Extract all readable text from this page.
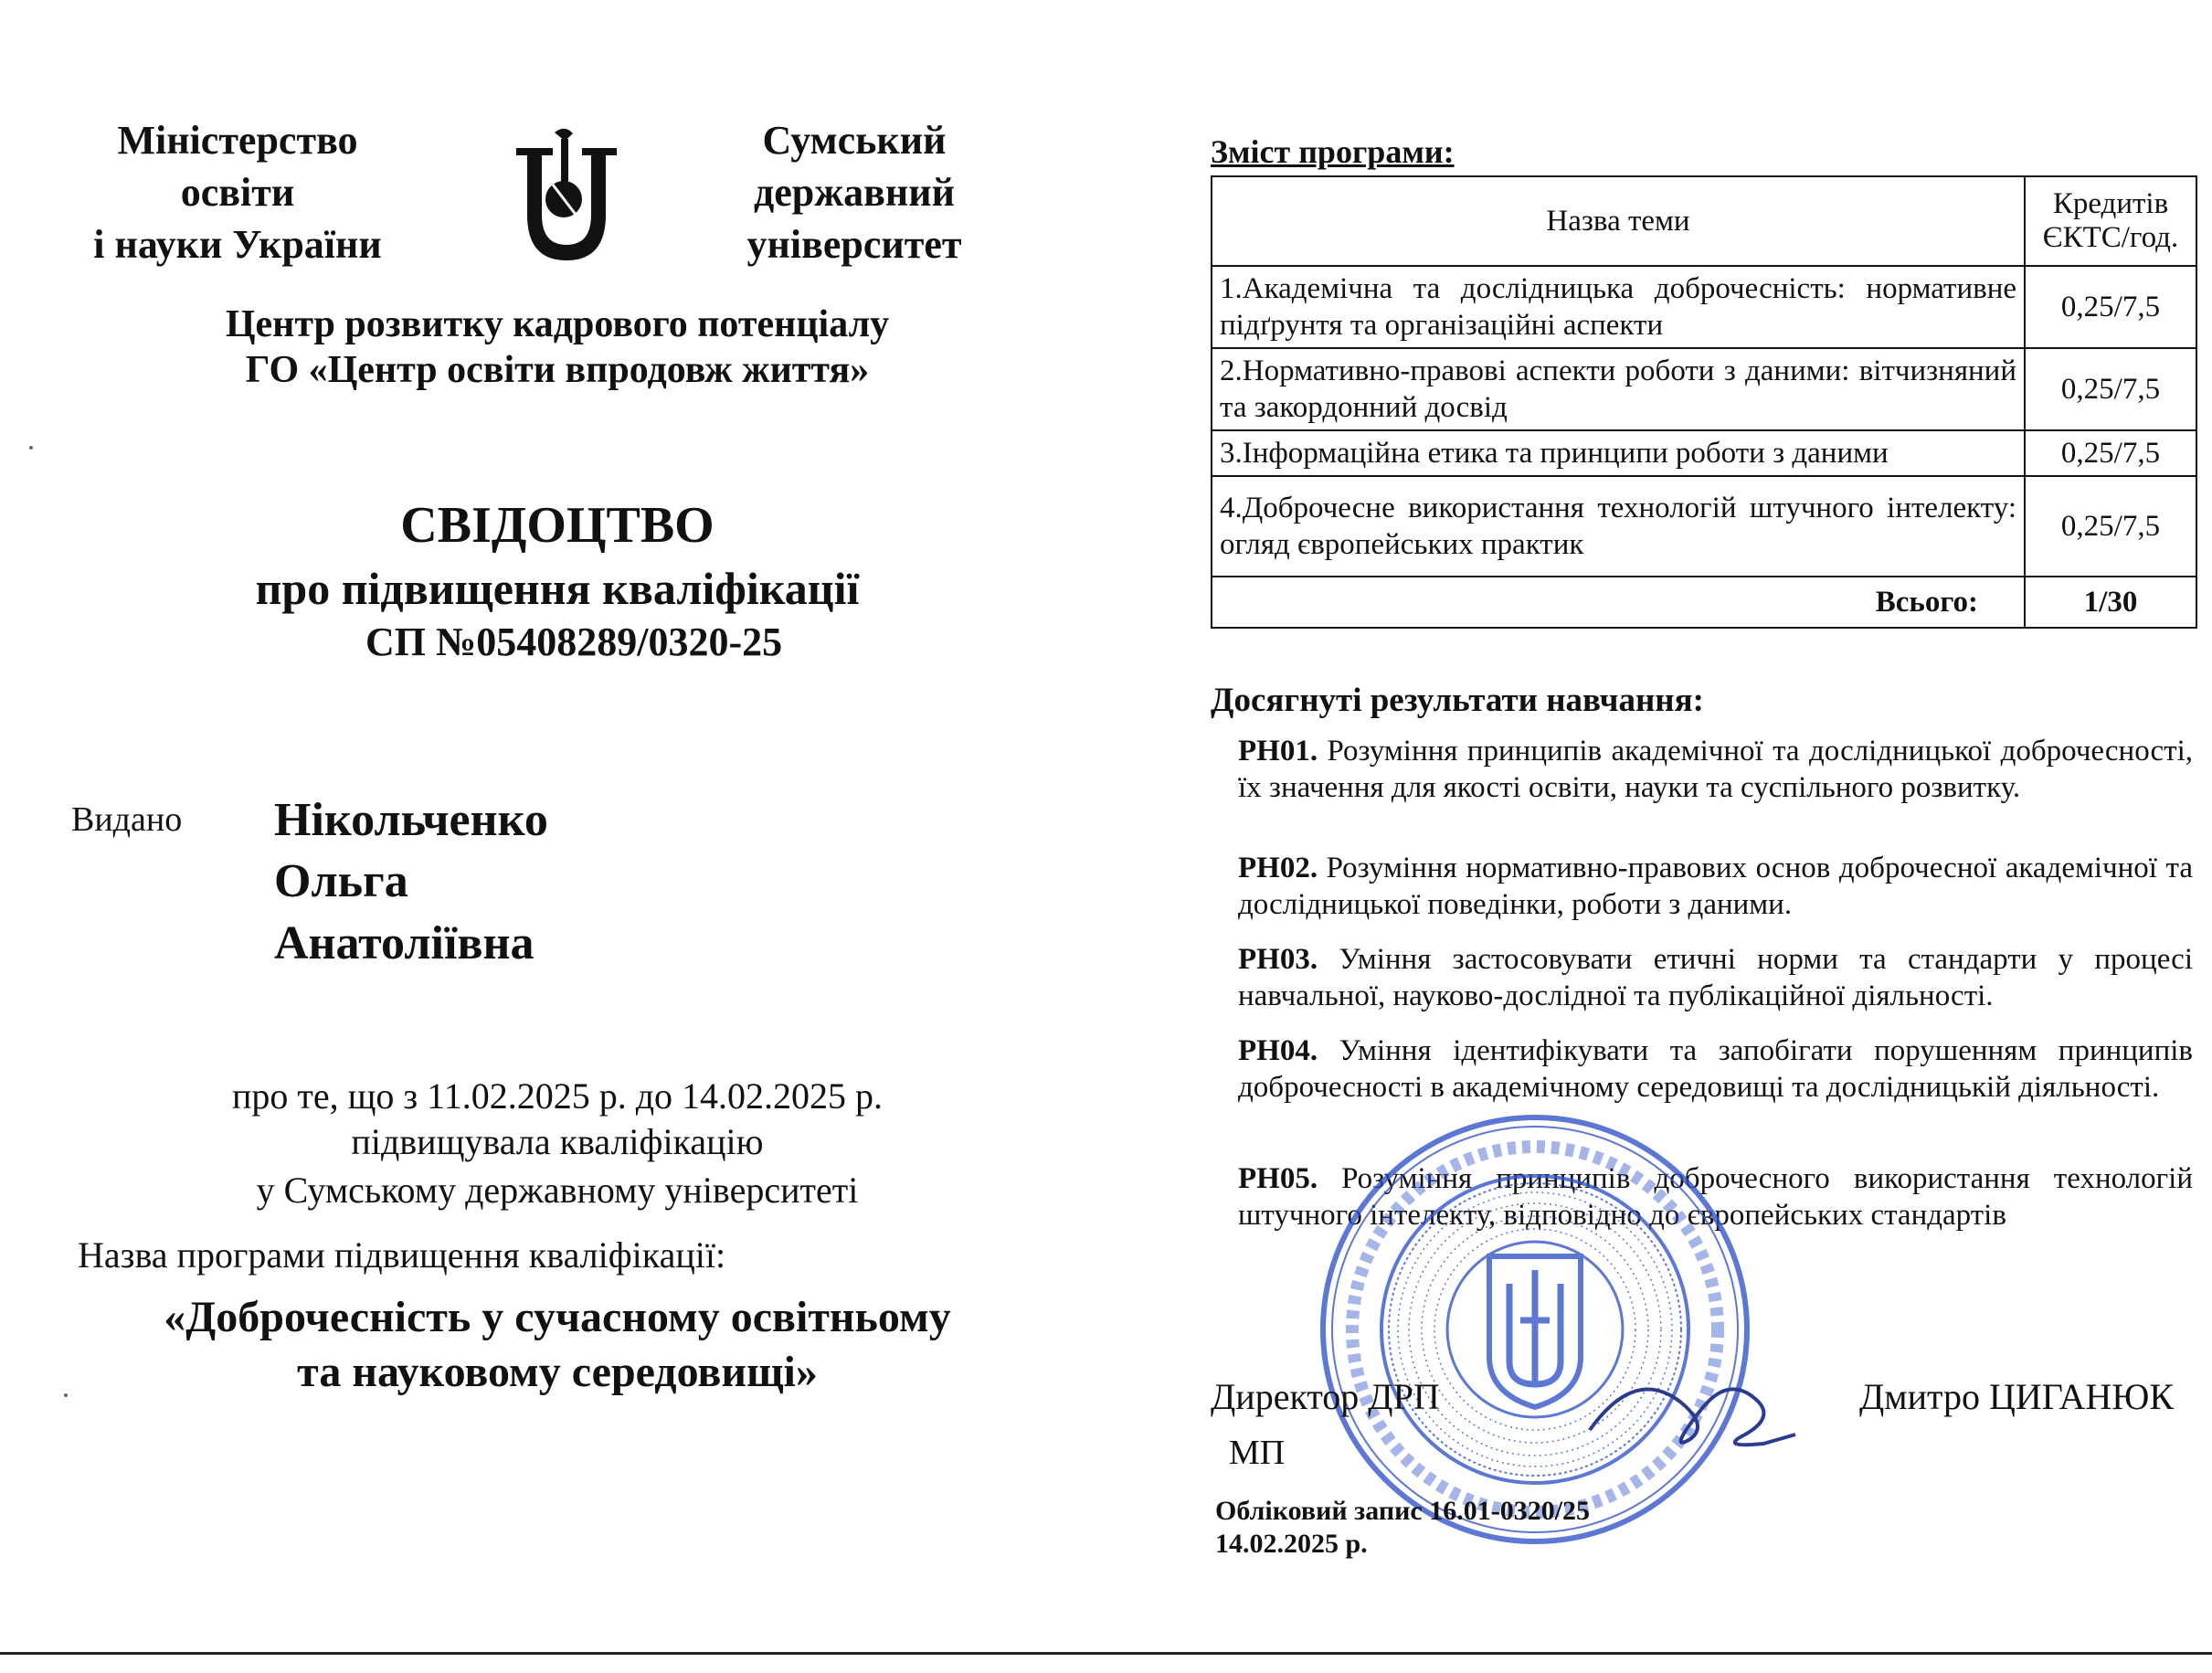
Міністерство
освіти
і науки України
Сумський
державний
університет
Центр розвитку кадрового потенціалу
ГО «Центр освіти впродовж життя»
СВІДОЦТВО
про підвищення кваліфікації
СП №05408289/0320-25
Видано Нікольченко
Ольга
Анатоліївна
про те, що з 11.02.2025 р. до 14.02.2025 р.
підвищувала кваліфікацію
у Сумському державному університеті
Назва програми підвищення кваліфікації:
«Доброчесність у сучасному освітньому
та науковому середовищі»
Зміст програми:
Назва теми	Кредитів ЄКТС/год.
1.Академічна та дослідницька доброчесність: нормативне підґрунтя та організаційні аспекти	0,25/7,5
2.Нормативно-правові аспекти роботи з даними: вітчизняний та закордонний досвід	0,25/7,5
3.Інформаційна етика та принципи роботи з даними	0,25/7,5
4.Доброчесне використання технологій штучного інтелекту: огляд європейських практик	0,25/7,5
Всього:	1/30
Досягнуті результати навчання:
РН01. Розуміння принципів академічної та дослідницької доброчесності, їх значення для якості освіти, науки та суспільного розвитку.
РН02. Розуміння нормативно-правових основ доброчесної академічної та дослідницької поведінки, роботи з даними.
РН03. Уміння застосовувати етичні норми та стандарти у процесі навчальної, науково-дослідної та публікаційної діяльності.
РН04. Уміння ідентифікувати та запобігати порушенням принципів доброчесності в академічному середовищі та дослідницькій діяльності.
РН05. Розуміння принципів доброчесного використання технологій штучного інтелекту, відповідно до європейських стандартів
Директор ДРП	Дмитро ЦИГАНЮК
МП
Обліковий запис 16.01-0320/25
14.02.2025 р.
